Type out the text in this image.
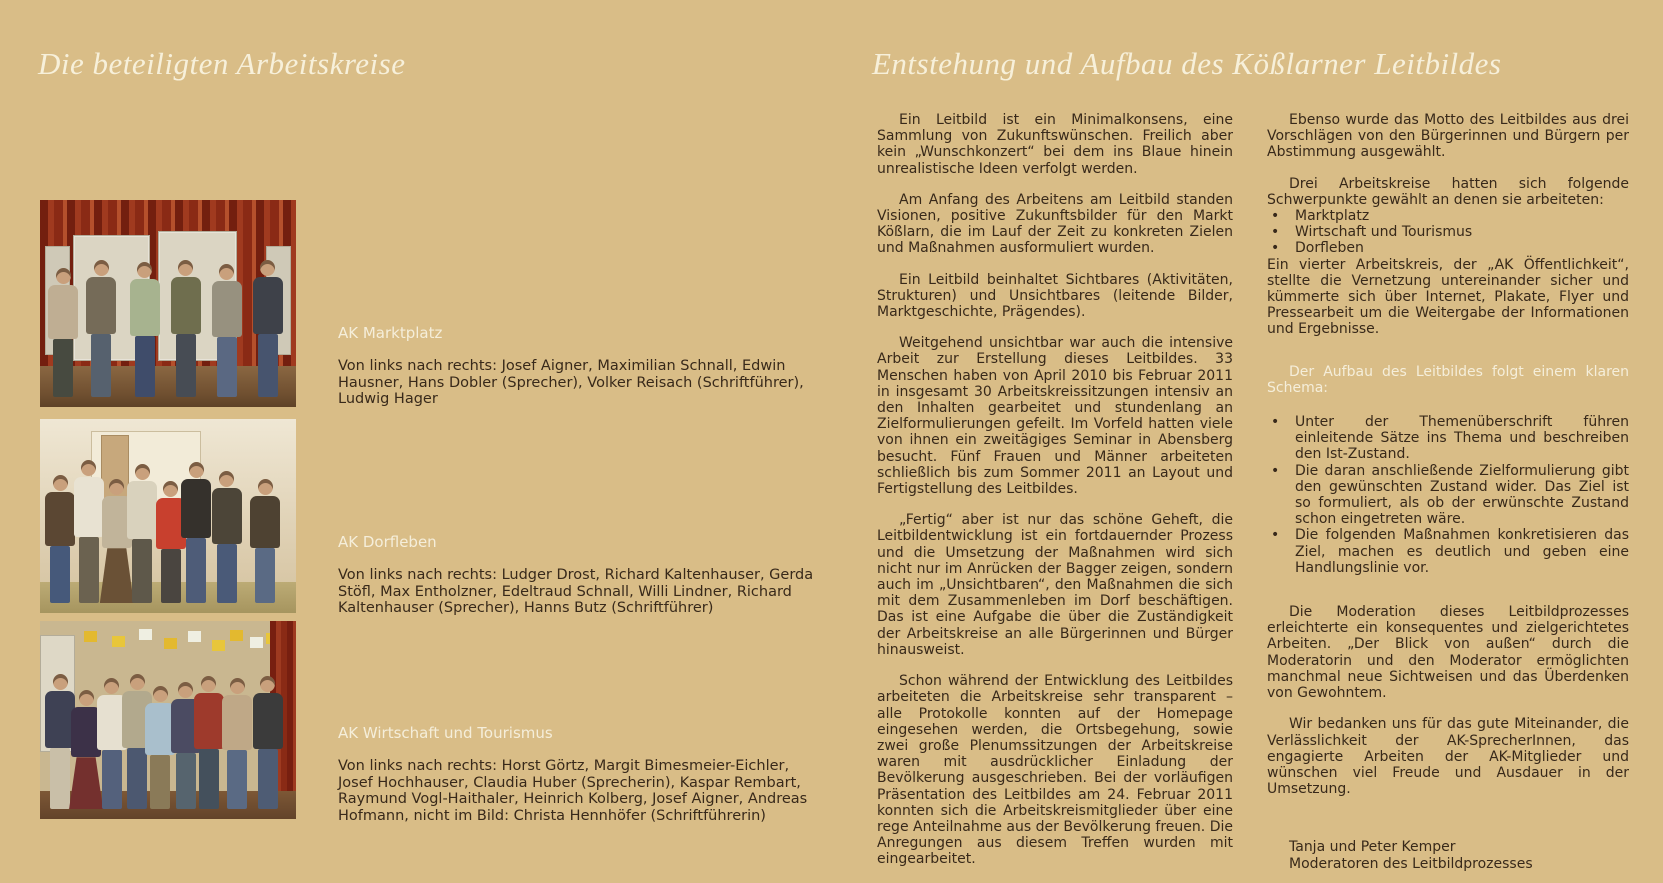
Die beteiligten Arbeitskreise
AK Marktplatz

Von links nach rechts: Josef Aigner, Maximilian Schnall, Edwin Hausner, Hans Dobler (Sprecher), Volker Reisach (Schriftführer), Ludwig Hager

AK Dorfleben

Von links nach rechts: Ludger Drost, Richard Kaltenhauser, Gerda Stöfl, Max Entholzner, Edeltraud Schnall, Willi Lindner, Richard Kaltenhauser (Sprecher), Hanns Butz (Schriftführer)

AK Wirtschaft und Tourismus

Von links nach rechts: Horst Görtz, Margit Bimesmeier-Eichler, Josef Hochhauser, Claudia Huber (Sprecherin), Kaspar Rembart, Raymund Vogl-Haithaler, Heinrich Kolberg, Josef Aigner, Andreas Hofmann, nicht im Bild: Christa Hennhöfer (Schriftführerin)

Entstehung und Aufbau des Kößlarner Leitbildes

Ein Leitbild ist ein Minimalkonsens, eine Sammlung von Zukunftswünschen. Freilich aber kein „Wunschkonzert“ bei dem ins Blaue hinein unrealistische Ideen verfolgt werden.

Am Anfang des Arbeitens am Leitbild standen Visionen, positive Zukunftsbilder für den Markt Kößlarn, die im Lauf der Zeit zu konkreten Zielen und Maßnahmen ausformuliert wurden.

Ein Leitbild beinhaltet Sichtbares (Aktivitäten, Strukturen) und Unsichtbares (leitende Bilder, Marktgeschichte, Prägendes).

Weitgehend unsichtbar war auch die intensive Arbeit zur Erstellung dieses Leitbildes. 33 Menschen haben von April 2010 bis Februar 2011 in insgesamt 30 Arbeitskreissitzungen intensiv an den Inhalten gearbeitet und stundenlang an Zielformulierungen gefeilt. Im Vorfeld hatten viele von ihnen ein zweitägiges Seminar in Abensberg besucht. Fünf Frauen und Männer arbeiteten schließlich bis zum Sommer 2011 an Layout und Fertigstellung des Leitbildes.

„Fertig“ aber ist nur das schöne Geheft, die Leitbildentwicklung ist ein fortdauernder Prozess und die Umsetzung der Maßnahmen wird sich nicht nur im Anrücken der Bagger zeigen, sondern auch im „Unsichtbaren“, den Maßnahmen die sich mit dem Zusammenleben im Dorf beschäftigen. Das ist eine Aufgabe die über die Zuständigkeit der Arbeitskreise an alle Bürgerinnen und Bürger hinausweist.

Schon während der Entwicklung des Leitbildes arbeiteten die Arbeitskreise sehr transparent – alle Protokolle konnten auf der Homepage eingesehen werden, die Ortsbegehung, sowie zwei große Plenumssitzungen der Arbeitskreise waren mit ausdrücklicher Einladung der Bevölkerung ausgeschrieben. Bei der vorläufigen Präsentation des Leitbildes am 24. Februar 2011 konnten sich die Arbeitskreismitglieder über eine rege Anteilnahme aus der Bevölkerung freuen. Die Anregungen aus diesem Treffen wurden mit eingearbeitet.

Ebenso wurde das Motto des Leitbildes aus drei Vorschlägen von den Bürgerinnen und Bürgern per Abstimmung ausgewählt.

Drei Arbeitskreise hatten sich folgende Schwerpunkte gewählt an denen sie arbeiteten:

• Marktplatz
• Wirtschaft und Tourismus
• Dorfleben

Ein vierter Arbeitskreis, der „AK Öffentlichkeit“, stellte die Vernetzung untereinander sicher und kümmerte sich über Internet, Plakate, Flyer und Pressearbeit um die Weitergabe der Informationen und Ergebnisse.

Der Aufbau des Leitbildes folgt einem klaren Schema:

• Unter der Themenüberschrift führen einleitende Sätze ins Thema und beschreiben den Ist-Zustand.
• Die daran anschließende Zielformulierung gibt den gewünschten Zustand wider. Das Ziel ist so formuliert, als ob der erwünschte Zustand schon eingetreten wäre.
• Die folgenden Maßnahmen konkretisieren das Ziel, machen es deutlich und geben eine Handlungslinie vor.

Die Moderation dieses Leitbildprozesses erleichterte ein konsequentes und zielgerichtetes Arbeiten. „Der Blick von außen“ durch die Moderatorin und den Moderator ermöglichten manchmal neue Sichtweisen und das Überdenken von Gewohntem.

Wir bedanken uns für das gute Miteinander, die Verlässlichkeit der AK-SprecherInnen, das engagierte Arbeiten der AK-Mitglieder und wünschen viel Freude und Ausdauer in der Umsetzung.

Tanja und Peter Kemper
Moderatoren des Leitbildprozesses
